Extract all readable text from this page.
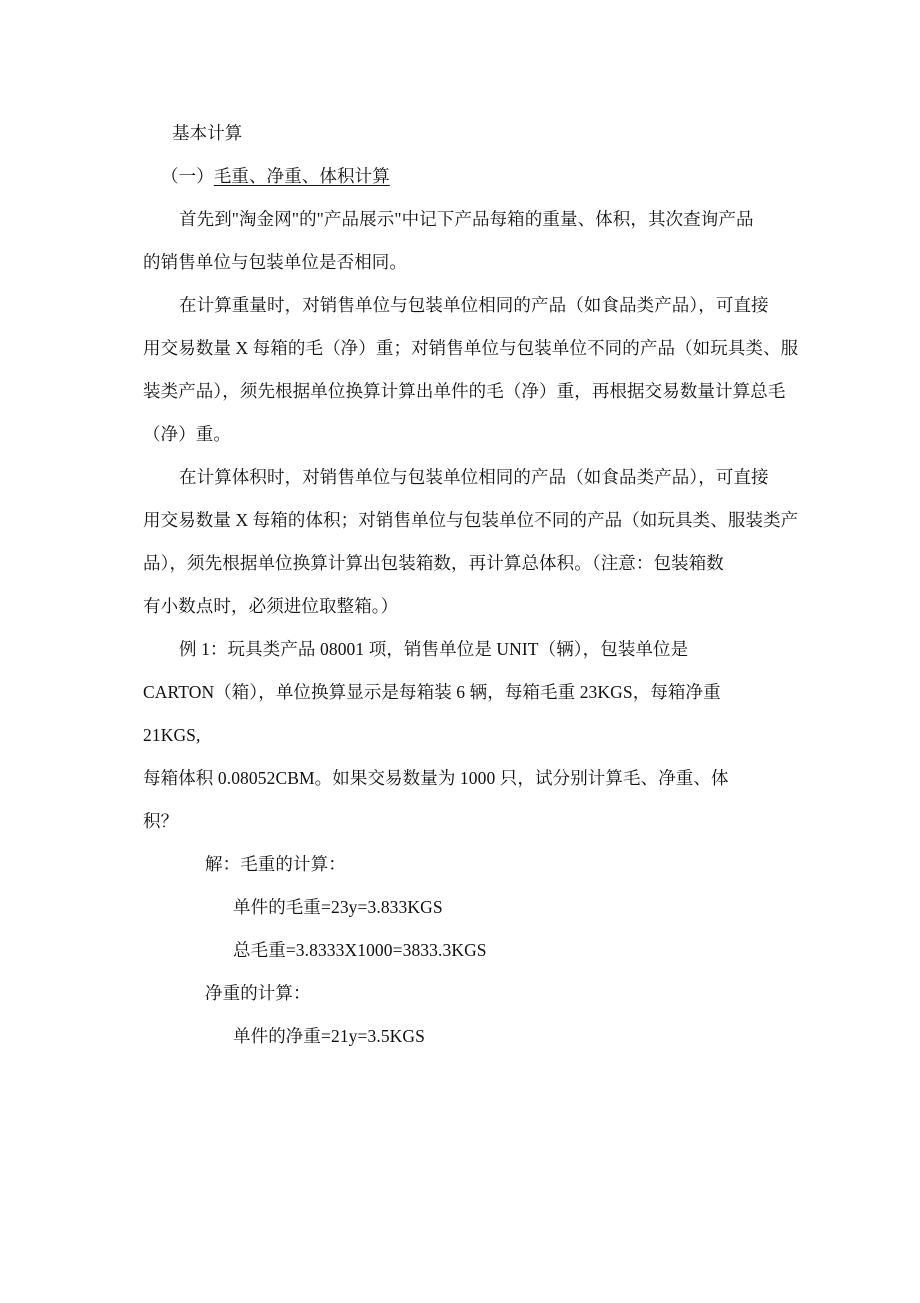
基本计算
（一）毛重、净重、体积计算
首先到"淘金网"的"产品展示"中记下产品每箱的重量、体积，其次查询产品
的销售单位与包装单位是否相同。
在计算重量时，对销售单位与包装单位相同的产品（如食品类产品），可直接
用交易数量 X 每箱的毛（净）重；对销售单位与包装单位不同的产品（如玩具类、服
装类产品），须先根据单位换算计算出单件的毛（净）重，再根据交易数量计算总毛
（净）重。
在计算体积时，对销售单位与包装单位相同的产品（如食品类产品），可直接
用交易数量 X 每箱的体积；对销售单位与包装单位不同的产品（如玩具类、服装类产
品），须先根据单位换算计算出包装箱数，再计算总体积。（注意：包装箱数
有小数点时，必须进位取整箱。）
例 1：玩具类产品 08001 项，销售单位是 UNIT（辆），包装单位是
CARTON（箱），单位换算显示是每箱装 6 辆，每箱毛重 23KGS，每箱净重
21KGS,
每箱体积 0.08052CBM。如果交易数量为 1000 只，试分别计算毛、净重、体
积？
解：毛重的计算：
单件的毛重=23y=3.833KGS
总毛重=3.8333X1000=3833.3KGS
净重的计算：
单件的净重=21y=3.5KGS
